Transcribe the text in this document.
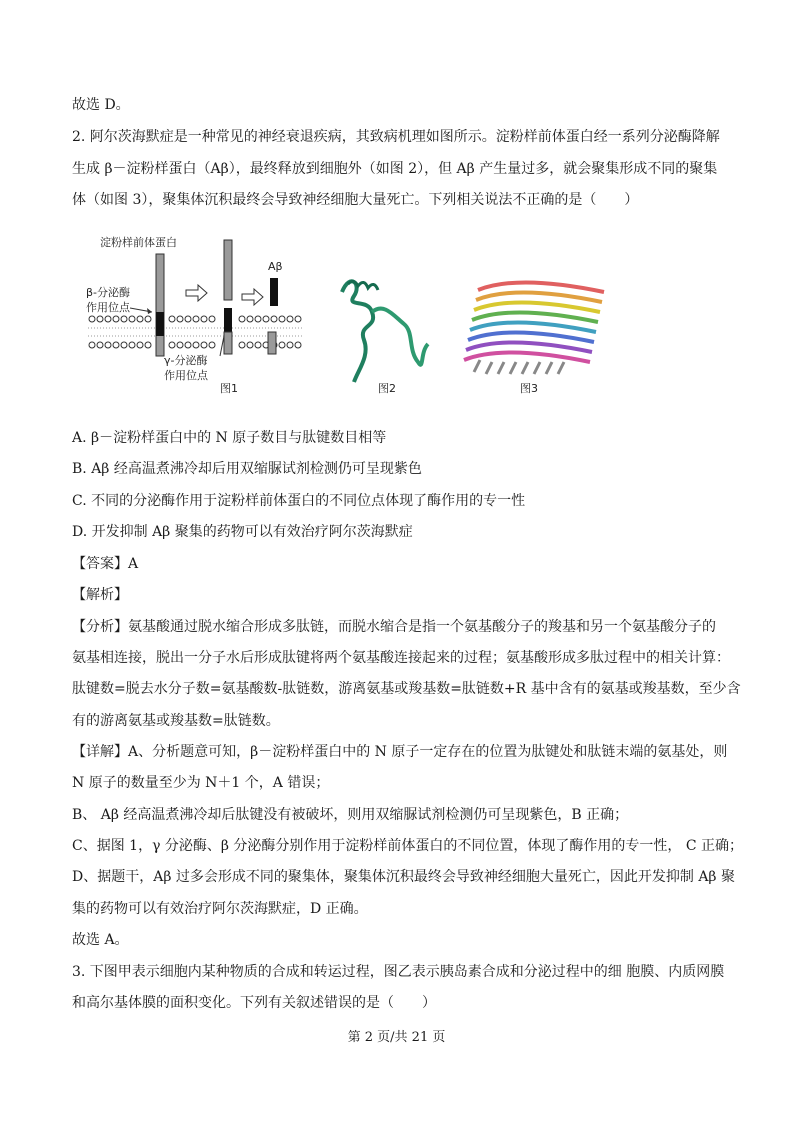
故选 D。
2. 阿尔茨海默症是一种常见的神经衰退疾病，其致病机理如图所示。淀粉样前体蛋白经一系列分泌酶降解
生成 β－淀粉样蛋白（Aβ），最终释放到细胞外（如图 2），但 Aβ 产生量过多，就会聚集形成不同的聚集
体（如图 3），聚集体沉积最终会导致神经细胞大量死亡。下列相关说法不正确的是（　　）
淀粉样前体蛋白
Aβ
β-分泌酶
作用位点
γ-分泌酶
作用位点
图1	图2	图3
A. β－淀粉样蛋白中的 N 原子数目与肽键数目相等
B. Aβ 经高温煮沸冷却后用双缩脲试剂检测仍可呈现紫色
C. 不同的分泌酶作用于淀粉样前体蛋白的不同位点体现了酶作用的专一性
D. 开发抑制 Aβ 聚集的药物可以有效治疗阿尔茨海默症
【答案】A
【解析】
【分析】氨基酸通过脱水缩合形成多肽链，而脱水缩合是指一个氨基酸分子的羧基和另一个氨基酸分子的
氨基相连接，脱出一分子水后形成肽键将两个氨基酸连接起来的过程；氨基酸形成多肽过程中的相关计算：
肽键数=脱去水分子数=氨基酸数-肽链数，游离氨基或羧基数=肽链数+R 基中含有的氨基或羧基数，至少含
有的游离氨基或羧基数=肽链数。
【详解】A、分析题意可知，β－淀粉样蛋白中的 N 原子一定存在的位置为肽键处和肽链末端的氨基处，则
N 原子的数量至少为 N＋1 个，A 错误；
B、 Aβ 经高温煮沸冷却后肽键没有被破坏，则用双缩脲试剂检测仍可呈现紫色，B 正确；
C、据图 1，γ 分泌酶、β 分泌酶分别作用于淀粉样前体蛋白的不同位置，体现了酶作用的专一性， C 正确；
D、据题干，Aβ 过多会形成不同的聚集体，聚集体沉积最终会导致神经细胞大量死亡，因此开发抑制 Aβ 聚
集的药物可以有效治疗阿尔茨海默症，D 正确。
故选 A。
3. 下图甲表示细胞内某种物质的合成和转运过程，图乙表示胰岛素合成和分泌过程中的细 胞膜、内质网膜
和高尔基体膜的面积变化。下列有关叙述错误的是（　　）
第 2 页/共 21 页
